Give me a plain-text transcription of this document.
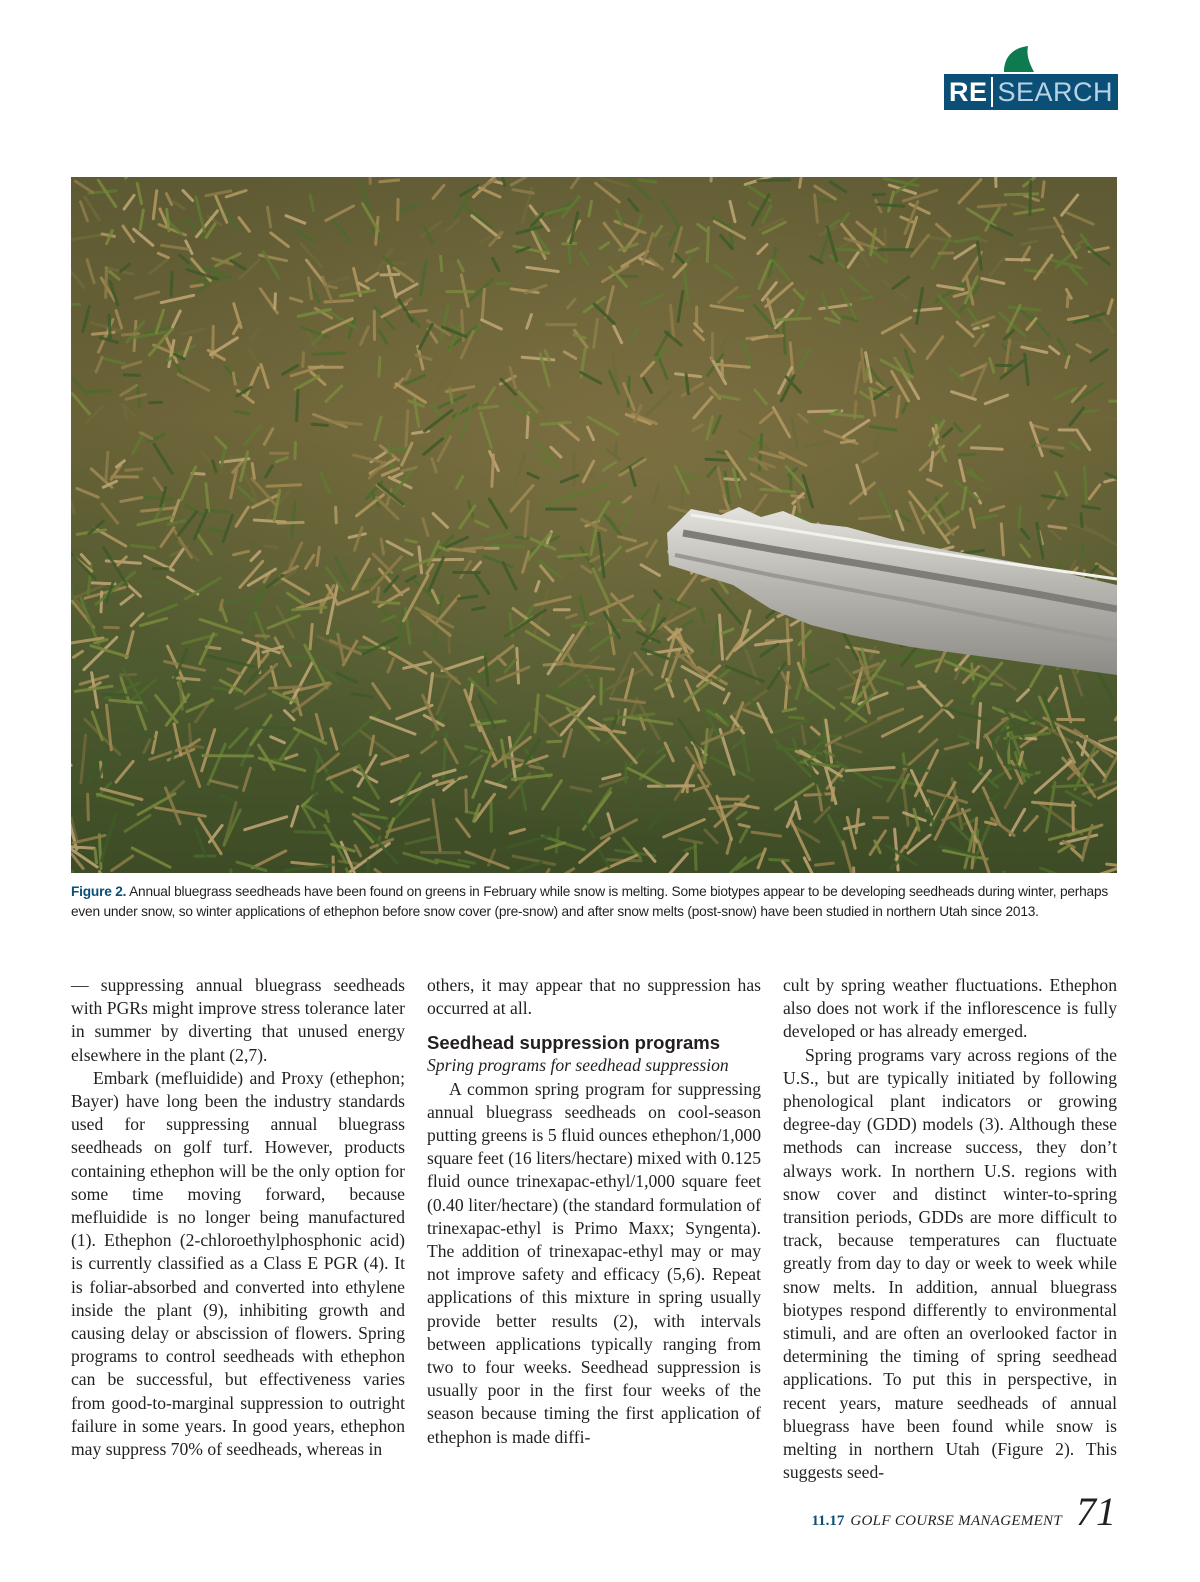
RE SEARCH
Figure 2. Annual bluegrass seedheads have been found on greens in February while snow is melting. Some biotypes appear to be developing seedheads during winter, perhaps even under snow, so winter applications of ethephon before snow cover (pre-snow) and after snow melts (post-snow) have been studied in northern Utah since 2013.

— suppressing annual bluegrass seedheads with PGRs might improve stress tolerance later in summer by diverting that unused energy elsewhere in the plant (2,7).

Embark (mefluidide) and Proxy (ethephon; Bayer) have long been the industry standards used for suppressing annual bluegrass seedheads on golf turf. However, products containing ethephon will be the only option for some time moving forward, because mefluidide is no longer being manufactured (1). Ethephon (2-chloroethylphosphonic acid) is currently classified as a Class E PGR (4). It is foliar-absorbed and converted into ethylene inside the plant (9), inhibiting growth and causing delay or abscission of flowers. Spring programs to control seedheads with ethephon can be successful, but effectiveness varies from good-to-marginal suppression to outright failure in some years. In good years, ethephon may suppress 70% of seedheads, whereas in

others, it may appear that no suppression has occurred at all.

Seedhead suppression programs

Spring programs for seedhead suppression

A common spring program for suppressing annual bluegrass seedheads on cool-season putting greens is 5 fluid ounces ethephon/1,000 square feet (16 liters/hectare) mixed with 0.125 fluid ounce trinexapac-ethyl/1,000 square feet (0.40 liter/hectare) (the standard formulation of trinexapac-ethyl is Primo Maxx; Syngenta). The addition of trinexapac-ethyl may or may not improve safety and efficacy (5,6). Repeat applications of this mixture in spring usually provide better results (2), with intervals between applications typically ranging from two to four weeks. Seedhead suppression is usually poor in the first four weeks of the season because timing the first application of ethephon is made diffi-

cult by spring weather fluctuations. Ethephon also does not work if the inflorescence is fully developed or has already emerged.

Spring programs vary across regions of the U.S., but are typically initiated by following phenological plant indicators or growing degree-day (GDD) models (3). Although these methods can increase success, they don’t always work. In northern U.S. regions with snow cover and distinct winter-to-spring transition periods, GDDs are more difficult to track, because temperatures can fluctuate greatly from day to day or week to week while snow melts. In addition, annual bluegrass biotypes respond differently to environmental stimuli, and are often an overlooked factor in determining the timing of spring seedhead applications. To put this in perspective, in recent years, mature seedheads of annual bluegrass have been found while snow is melting in northern Utah (Figure 2). This suggests seed-

11.17 GOLF COURSE MANAGEMENT 71
